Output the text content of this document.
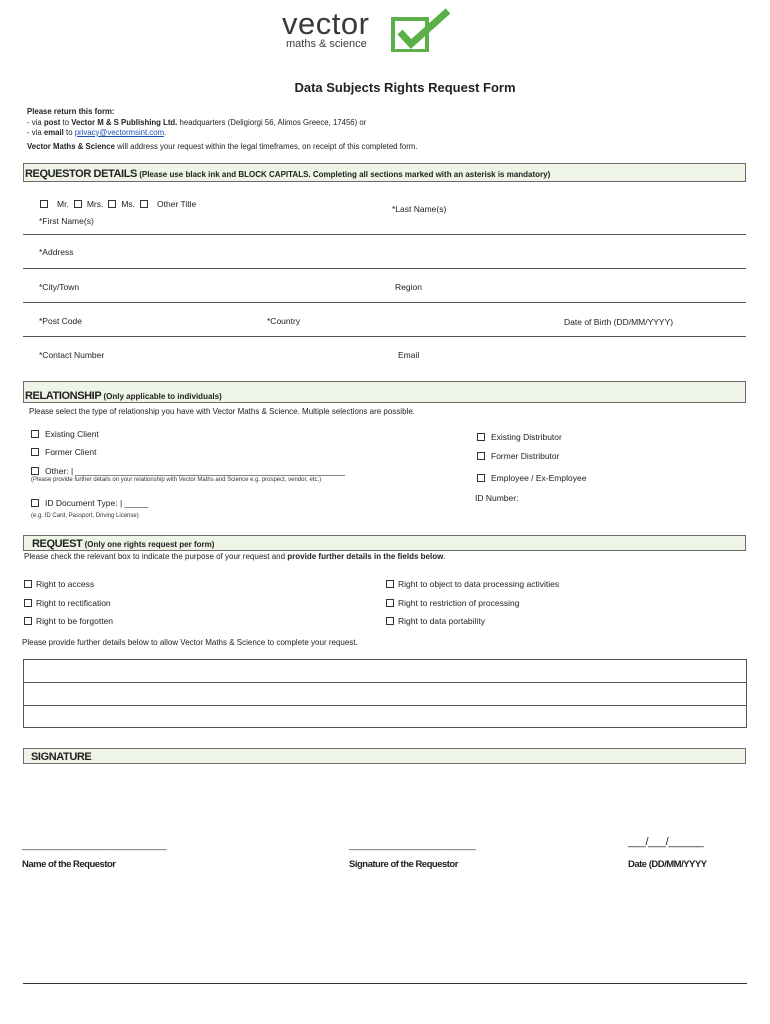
vector
maths & science
Data Subjects Rights Request Form
Please return this form:
- via post to Vector M & S Publishing Ltd. headquarters (Deligiorgi 56, Alimos Greece, 17456) or
- via email to privacy@vectormsint.com.
Vector Maths & Science will address your request within the legal timeframes, on receipt of this completed form.
REQUESTOR DETAILS (Please use black ink and BLOCK CAPITALS. Completing all sections marked with an asterisk is mandatory)
Mr. Mrs. Ms.	Other Title
*First Name(s)
*Last Name(s)
*Address
*City/Town	Region
*Post Code	*Country	Date of Birth (DD/MM/YYYY)
*Contact Number	Email
RELATIONSHIP (Only applicable to individuals)
Please select the type of relationship you have with Vector Maths & Science. Multiple selections are possible.
Existing Client
Former Client
Other: |
(Please provide further details on your relationship with Vector Maths and Science e.g. prospect, vendor, etc.)
ID Document Type: | _____
(e.g. ID Card, Passport, Driving License)
Existing Distributor
Former Distributor
Employee / Ex-Employee
ID Number:
REQUEST (Only one rights request per form)
Please check the relevant box to indicate the purpose of your request and provide further details in the fields below.
Right to access
Right to rectification
Right to be forgotten
Right to object to data processing activities
Right to restriction of processing
Right to data portability
Please provide further details below to allow Vector Maths & Science to complete your request.
SIGNATURE
________________________________
Name of the Requestor
____________________________
Signature of the Requestor
___/___/______
Date (DD/MM/YYYY
